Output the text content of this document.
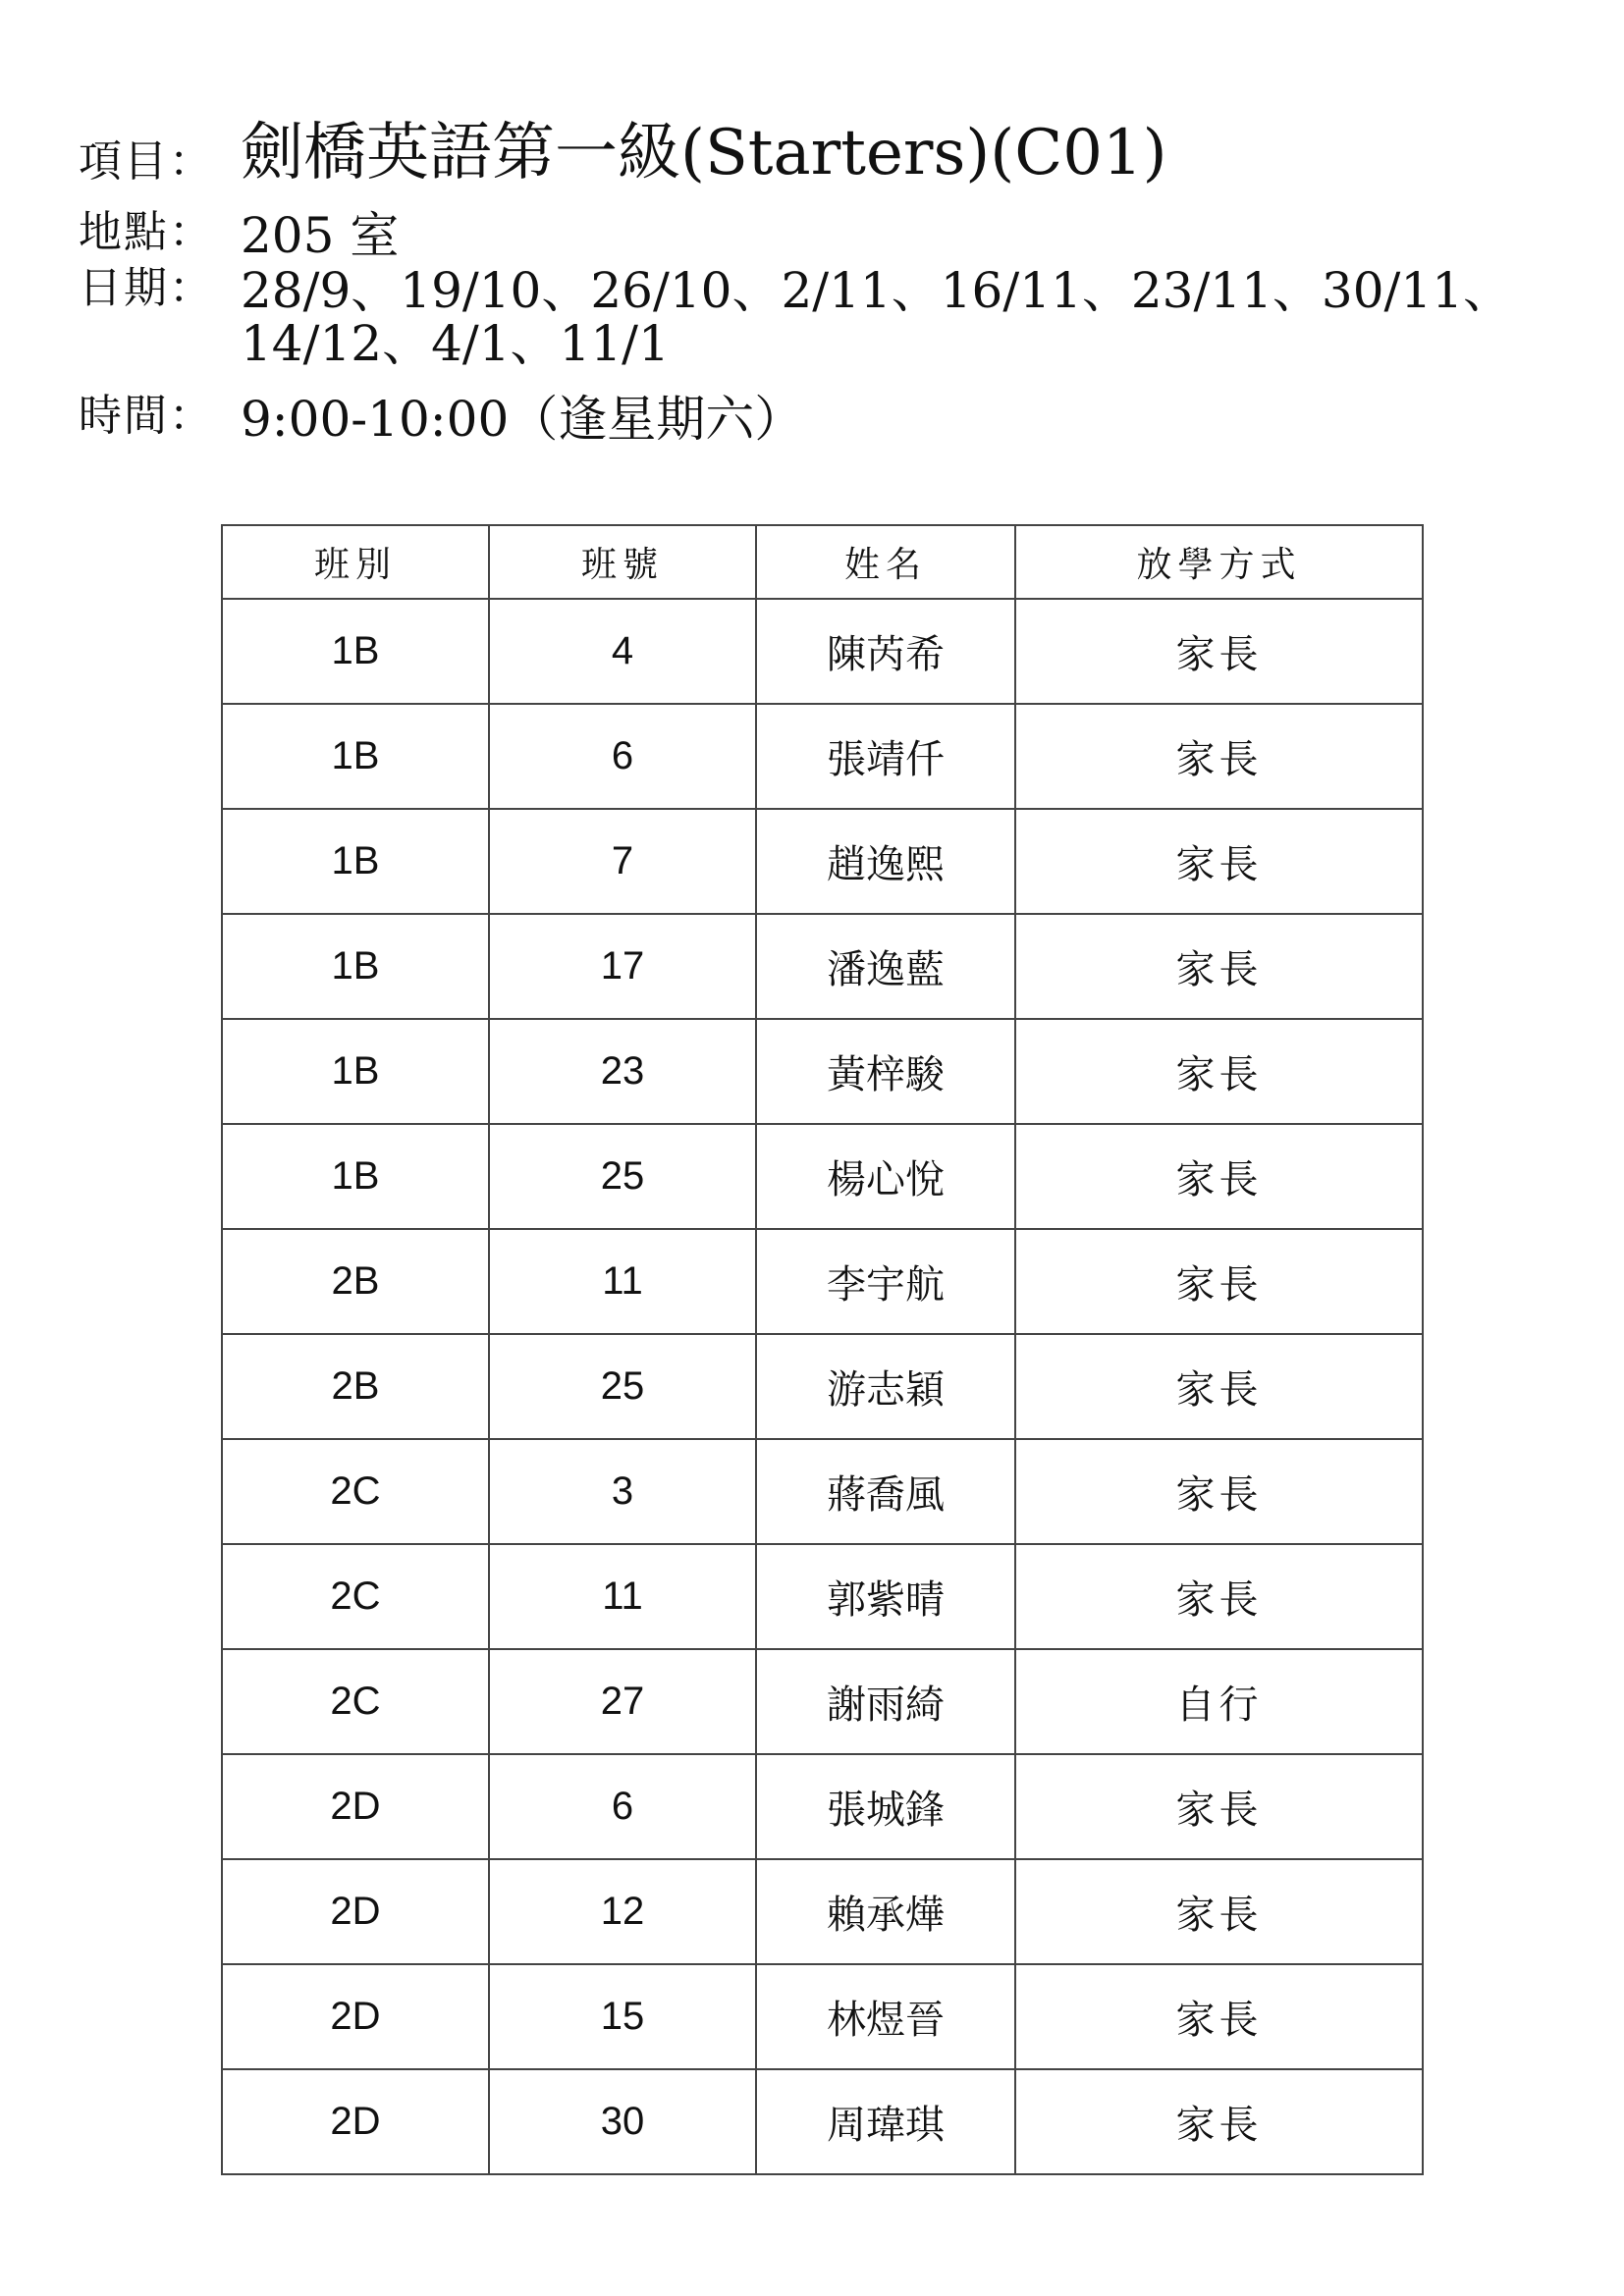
項目： 劍橋英語第一級(Starters)(C01)
地點： 205 室
日期： 28/9、19/10、26/10、2/11、16/11、23/11、30/11、
14/12、4/1、11/1
時間： 9:00-10:00（逢星期六）
班別	班號	姓名	放學方式
1B	4	陳芮希	家長
1B	6	張靖仟	家長
1B	7	趙逸熙	家長
1B	17	潘逸藍	家長
1B	23	黃梓駿	家長
1B	25	楊心悅	家長
2B	11	李宇航	家長
2B	25	游志穎	家長
2C	3	蔣喬風	家長
2C	11	郭紫晴	家長
2C	27	謝雨綺	自行
2D	6	張城鋒	家長
2D	12	賴承燁	家長
2D	15	林煜晉	家長
2D	30	周瑋琪	家長
